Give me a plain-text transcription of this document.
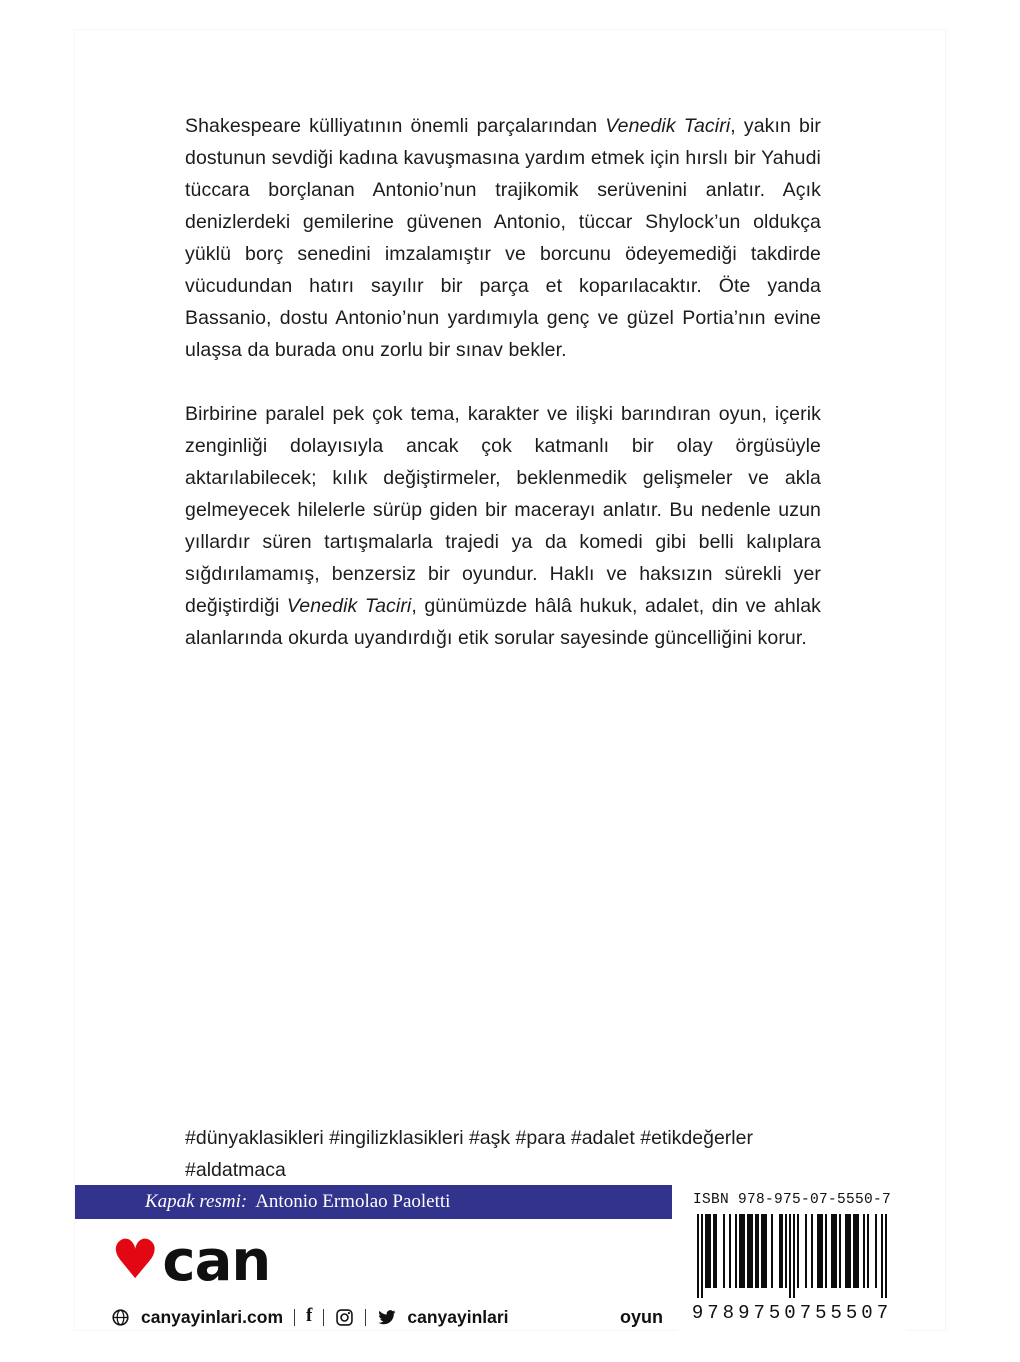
Shakespeare külliyatının önemli parçalarından Venedik Taciri, yakın bir dostunun sevdiği kadına kavuşmasına yardım etmek için hırslı bir Yahudi tüccara borçlanan Antonio’nun trajikomik serüvenini anlatır. Açık denizlerdeki gemilerine güvenen Antonio, tüccar Shylock’un oldukça yüklü borç senedini imzalamıştır ve borcunu ödeyemediği takdirde vücudundan hatırı sayılır bir parça et koparılacaktır. Öte yanda Bassanio, dostu Antonio’nun yardımıyla genç ve güzel Portia’nın evine ulaşsa da burada onu zorlu bir sınav bekler.

Birbirine paralel pek çok tema, karakter ve ilişki barındıran oyun, içerik zenginliği dolayısıyla ancak çok katmanlı bir olay örgüsüyle aktarılabilecek; kılık değiştirmeler, beklenmedik gelişmeler ve akla gelmeyecek hilelerle sürüp giden bir macerayı anlatır. Bu nedenle uzun yıllardır süren tartışmalarla trajedi ya da komedi gibi belli kalıplara sığdırılamamış, benzersiz bir oyundur. Haklı ve haksızın sürekli yer değiştirdiği Venedik Taciri, günümüzde hâlâ hukuk, adalet, din ve ahlak alanlarında okurda uyandırdığı etik sorular sayesinde güncelliğini korur.

#dünyaklasikleri #ingilizklasikleri #aşk #para #adalet #etikdeğerler
#aldatmaca
Kapak resmi: Antonio Ermolao Paoletti
♥ can
canyayinlari.com f	canyayinlari	oyun
ISBN 978-975-07-5550-7
9789750755507
